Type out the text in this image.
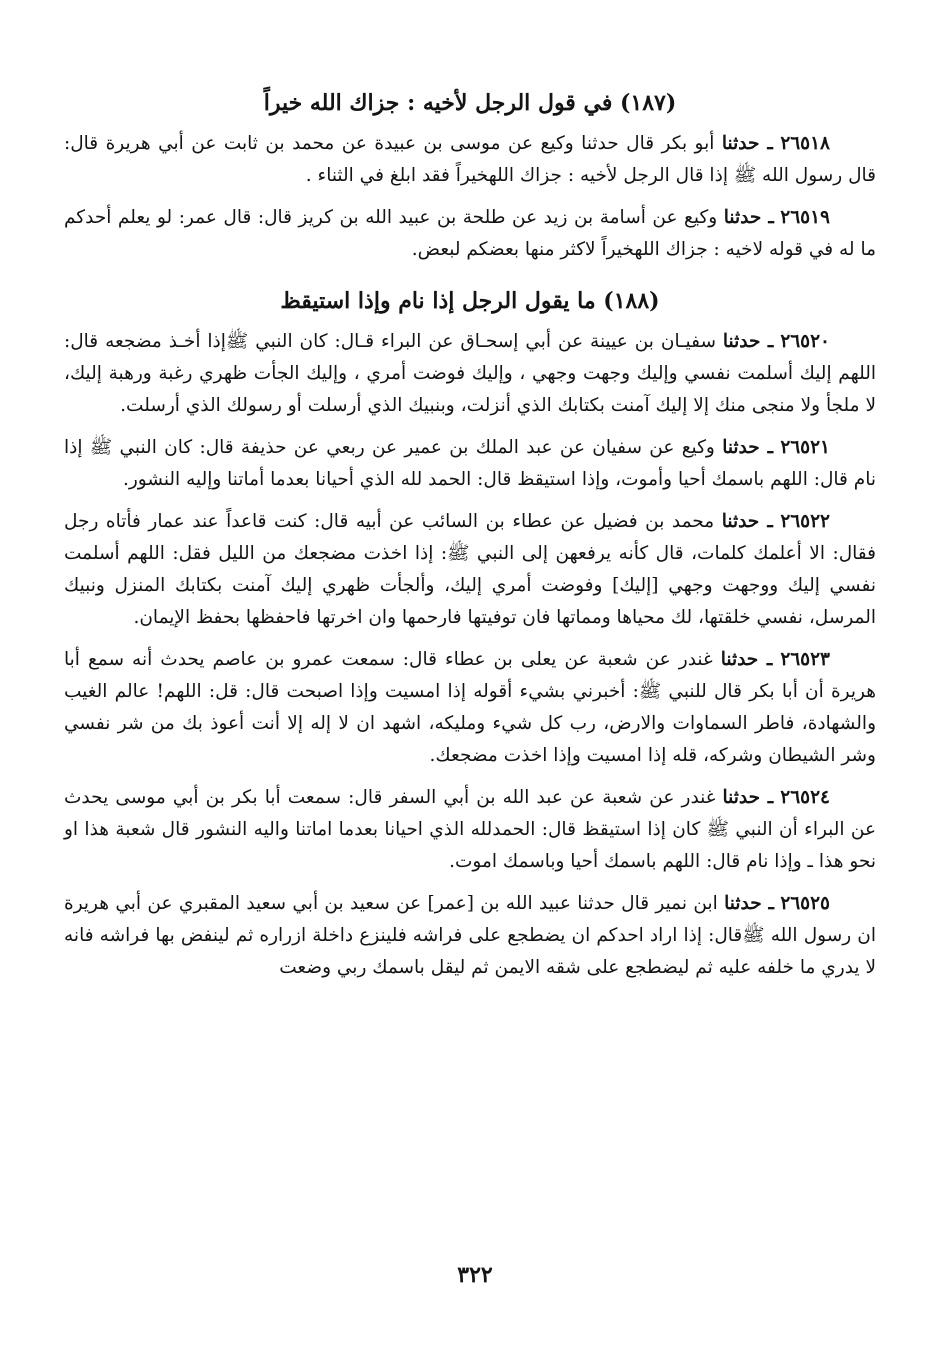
(١٨٧) في قول الرجل لأخيه : جزاك الله خيراً

٢٦٥١٨ ـ حدثنا أبو بكر قال حدثنا وكيع عن موسى بن عبيدة عن محمد بن ثابت عن أبي هريرة قال: قال رسول الله ﷺ إذا قال الرجل لأخيه : جزاك اللهخيراً فقد ابلغ في الثناء .

٢٦٥١٩ ـ حدثنا وكيع عن أسامة بن زيد عن طلحة بن عبيد الله بن كريز قال: قال عمر: لو يعلم أحدكم ما له في قوله لاخيه : جزاك اللهخيراً لاكثر منها بعضكم لبعض.

(١٨٨) ما يقول الرجل إذا نام وإذا استيقظ

٢٦٥٢٠ ـ حدثنا سفيـان بن عيينة عن أبي إسحـاق عن البراء قـال: كان النبي ﷺإذا أخـذ مضجعه قال: اللهم إليك أسلمت نفسي وإليك وجهت وجهي ، وإليك فوضت أمري ، وإليك الجأت ظهري رغبة ورهبة إليك، لا ملجأ ولا منجى منك إلا إليك آمنت بكتابك الذي أنزلت، وبنبيك الذي أرسلت أو رسولك الذي أرسلت.

٢٦٥٢١ ـ حدثنا وكيع عن سفيان عن عبد الملك بن عمير عن ربعي عن حذيفة قال: كان النبي ﷺ إذا نام قال: اللهم باسمك أحيا وأموت، وإذا استيقظ قال: الحمد لله الذي أحيانا بعدما أماتنا وإليه النشور.

٢٦٥٢٢ ـ حدثنا محمد بن فضيل عن عطاء بن السائب عن أبيه قال: كنت قاعداً عند عمار فأتاه رجل فقال: الا أعلمك كلمات، قال كأنه يرفعهن إلى النبي ﷺ: إذا اخذت مضجعك من الليل فقل: اللهم أسلمت نفسي إليك ووجهت وجهي [إليك] وفوضت أمري إليك، وألجأت ظهري إليك آمنت بكتابك المنزل ونبيك المرسل، نفسي خلقتها، لك محياها ومماتها فان توفيتها فارحمها وان اخرتها فاحفظها بحفظ الإيمان.

٢٦٥٢٣ ـ حدثنا غندر عن شعبة عن يعلى بن عطاء قال: سمعت عمرو بن عاصم يحدث أنه سمع أبا هريرة أن أبا بكر قال للنبي ﷺ: أخبرني بشيء أقوله إذا امسيت وإذا اصبحت قال: قل: اللهم! عالم الغيب والشهادة، فاطر السماوات والارض، رب كل شيء ومليكه، اشهد ان لا إله إلا أنت أعوذ بك من شر نفسي وشر الشيطان وشركه، قله إذا امسيت وإذا اخذت مضجعك.

٢٦٥٢٤ ـ حدثنا غندر عن شعبة عن عبد الله بن أبي السفر قال: سمعت أبا بكر بن أبي موسى يحدث عن البراء أن النبي ﷺ كان إذا استيقظ قال: الحمدلله الذي احيانا بعدما اماتنا واليه النشور قال شعبة هذا او نحو هذا ـ وإذا نام قال: اللهم باسمك أحيا وباسمك اموت.

٢٦٥٢٥ ـ حدثنا ابن نمير قال حدثنا عبيد الله بن [عمر] عن سعيد بن أبي سعيد المقبري عن أبي هريرة ان رسول الله ﷺقال: إذا اراد احدكم ان يضطجع على فراشه فلينزع داخلة ازراره ثم لينفض بها فراشه فانه لا يدري ما خلفه عليه ثم ليضطجع على شقه الايمن ثم ليقل باسمك ربي وضعت

٣٢٢
